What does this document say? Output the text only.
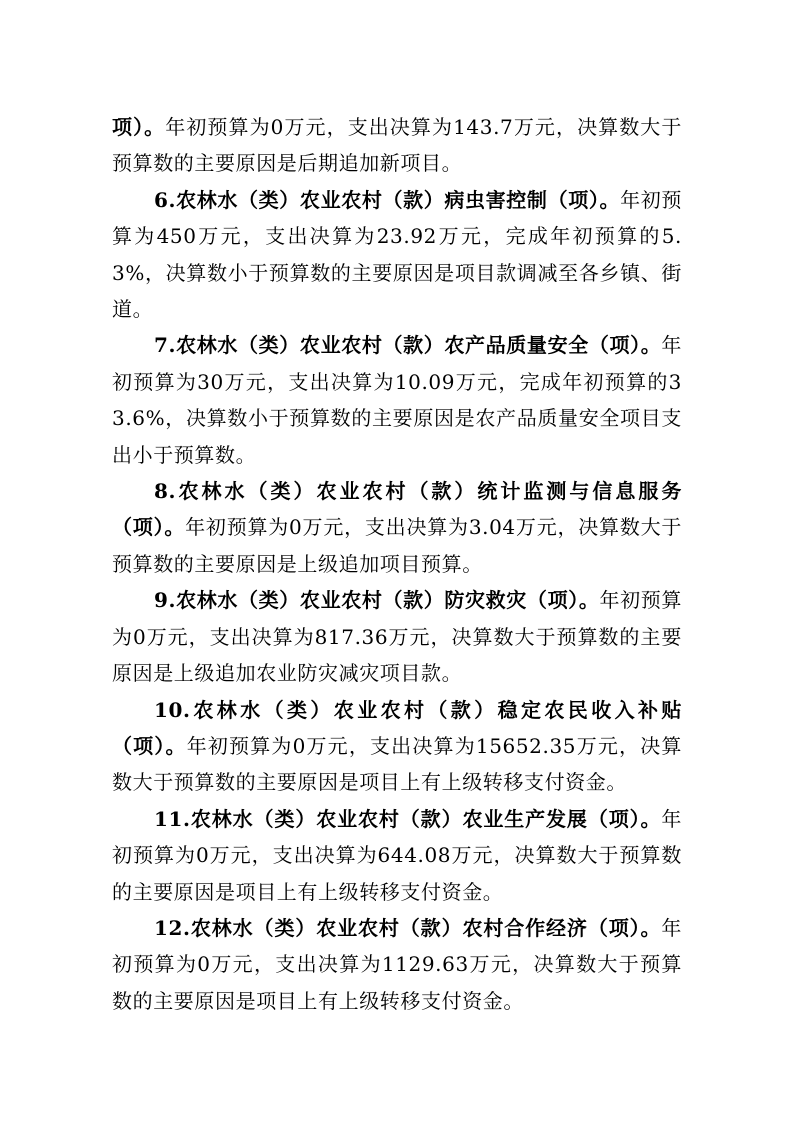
项）。年初预算为0万元，支出决算为143.7万元，决算数大于预算数的主要原因是后期追加新项目。

6.农林水（类）农业农村（款）病虫害控制（项）。年初预算为450万元，支出决算为23.92万元，完成年初预算的5.3%，决算数小于预算数的主要原因是项目款调减至各乡镇、街道。

7.农林水（类）农业农村（款）农产品质量安全（项）。年初预算为30万元，支出决算为10.09万元，完成年初预算的33.6%，决算数小于预算数的主要原因是农产品质量安全项目支出小于预算数。

8.农林水（类）农业农村（款）统计监测与信息服务（项）。年初预算为0万元，支出决算为3.04万元，决算数大于预算数的主要原因是上级追加项目预算。

9.农林水（类）农业农村（款）防灾救灾（项）。年初预算为0万元，支出决算为817.36万元，决算数大于预算数的主要原因是上级追加农业防灾减灾项目款。

10.农林水（类）农业农村（款）稳定农民收入补贴（项）。年初预算为0万元，支出决算为15652.35万元，决算数大于预算数的主要原因是项目上有上级转移支付资金。

11.农林水（类）农业农村（款）农业生产发展（项）。年初预算为0万元，支出决算为644.08万元，决算数大于预算数的主要原因是项目上有上级转移支付资金。

12.农林水（类）农业农村（款）农村合作经济（项）。年初预算为0万元，支出决算为1129.63万元，决算数大于预算数的主要原因是项目上有上级转移支付资金。
